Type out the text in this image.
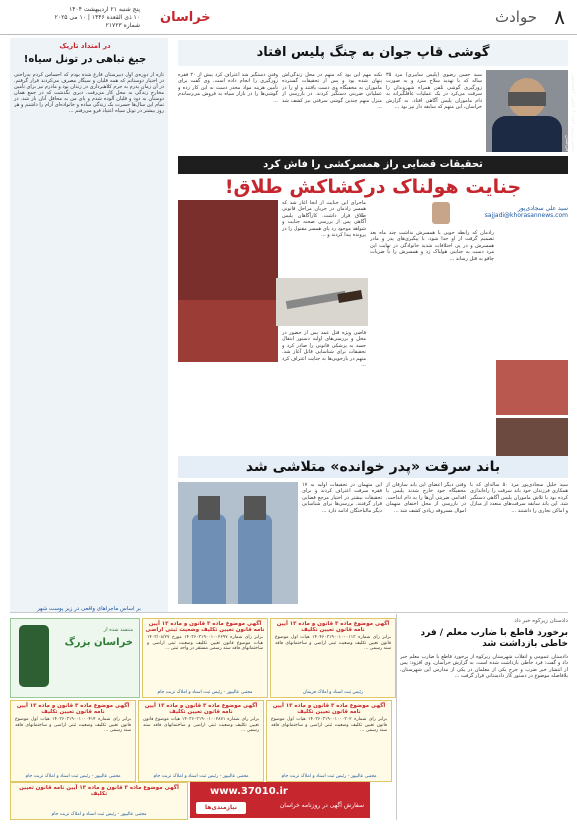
۸
حوادث
خراسان
پنج شنبه ۲۱ اردیبهشت ۱۴۰۴
۱۰ ذی القعده ۱۴۴۶ | ۱۰ می ۲۰۲۵
شماره ۲۱۷۲۳
در امتداد تاریک
جیغ تباهی در تونل سیاه!
تازه از دوره‌ی اول دبیرستان فارغ شده بودم که احساس کردم به‌راحتی در اختیار دوستانم که همه قلیان و سیگار مصرف می‌کردند قرار گرفتم. در آن زمان پدرم به جرم کلاهبرداری در زندان بود و مادرم نیز برای تأمین مخارج زندگی به محل کار می‌رفت. دیری نگذشت که در جمع همان دوستان به دود و قلیان آلوده شدم و پای من به محافل آنان باز شد. در تمام این سال‌ها حسرت یک زندگی ساده و خانواده‌ای آرام را داشتم و هر روز بیشتر در تونل سیاه اعتیاد فرو می‌رفتم ...
بر اساس ماجراهای واقعی در زیر پوست شهر
گوشی قاپ جوان به چنگ پلیس افتاد
عکس تزئینی است / عکس: اختصاصی خراسان
سید حسن رضوی (پلیس سایبری) مرد ۳۵ ساله که با تهدید سلاح سرد و به صورت زورگیری گوشی تلفن همراه شهروندان را سرقت می‌کرد در یک عملیات غافلگیرانه به دام ماموران پلیس آگاهی افتاد. به گزارش خراسان، این متهم که سابقه دار نیز بود ...
نکته مهم این بود که متهم در محل زندگی‌اش پنهان شده بود و پس از تحقیقات گسترده ماموران به مخفیگاه وی دست یافتند و او را در عملیاتی ضربتی دستگیر کردند. در بازرسی از منزل متهم چندین گوشی سرقتی نیز کشف شد ...
وقتی دستگیر شد اعتراف کرد بیش از ۲۰ فقره زورگیری را انجام داده است. وی گفت برای تأمین هزینه مواد مخدر دست به این کار زده و گوشی‌ها را در بازار سیاه به فروش می‌رساندم ...
تحقیقات قضایی راز همسرکشی را فاش کرد
جنایت هولناک درکشاکش طلاق!
سید علی سجادی‌پور
sajjadi@khorasannews.com
رادمان که رابطه خوبی با همسرش نداشت چند ماه بعد تصمیم گرفت از او جدا شود. با پیگیری‌های پدر و مادر همسرش و در پی اختلافات شدید خانوادگی در نهایت این مرد دست به جنایتی هولناک زد و همسرش را با ضربات چاقو به قتل رساند ...
ماجرای این جنایت از آنجا آغاز شد که همسر رادمان در جریان مراحل قانونی طلاق قرار داشت. کارآگاهان پلیس آگاهی پس از بررسی صحنه جنایت و شواهد موجود رد پای همسر مقتول را در پرونده پیدا کردند و ...
قاضی ویژه قتل عمد پس از حضور در محل و بررسی‌های اولیه دستور انتقال جسد به پزشکی قانونی را صادر کرد و تحقیقات برای شناسایی قاتل آغاز شد. متهم در بازجویی‌ها به جنایت اعتراف کرد ...
باند سرقت «پدر خوانده» متلاشی شد
سید خلیل سجادی‌پور مرد ۵۰ ساله‌ای که با همکاری فرزندان خود باند سرقت را راه‌اندازی کرده بود با تلاش ماموران پلیس آگاهی دستگیر شد. این باند سابقه سرقت‌های متعدد از منازل و اماکن تجاری را داشتند ...
وقتی دیگر اعضای این باند سارقان از مخفیگاه خود خارج شدند پلیس با اقدامی ضربتی آن‌ها را به دام انداخت. در بازرسی از محل اختفای متهمان اموال مسروقه زیادی کشف شد ...
این متهمان در تحقیقات اولیه به ۱۷ فقره سرقت اعتراف کردند و برای تحقیقات بیشتر در اختیار مرجع قضایی قرار گرفتند. بررسی‌ها برای شناسایی دیگر مالباختگان ادامه دارد ...
منتشد شده از
خراسان بزرگ
آگهی موضوع ماده ۳ قانون و ماده ۱۳ آیین نامه قانون تعیین تکلیف وضعیت ثبتی اراضی
برابر رای شماره ۱۴۰۳۶۰۳۱۹۰۰۱۰۰۲۶۹۷ مورخ ۱۴۰۳/۰۸/۲۷ هیات موضوع قانون تعیین تکلیف وضعیت ثبتی اراضی و ساختمانهای فاقد سند رسمی مستقر در واحد ثبتی ...
مجتبی عالیپور - رئیس ثبت اسناد و املاک تربت جام
آگهی موضوع ماده ۳ قانون و ماده ۱۳ آیین نامه قانون تعیین تکلیف
برابر رای شماره ۱۴۰۴۶۰۳۱۹۰۰۱۰۰۰۱۱۳ هیات اول موضوع قانون تعیین تکلیف وضعیت ثبتی اراضی و ساختمانهای فاقد سند رسمی ...
رئیس ثبت اسناد و املاک فریمان
آگهی موضوع ماده ۳ قانون و ماده ۱۳ آیین نامه قانون تعیین تکلیف
برابر رای شماره ۱۴۰۳۶۰۳۱۹۰۰۱۰۰۰۴۱۴ هیات اول موضوع قانون تعیین تکلیف وضعیت ثبتی اراضی و ساختمانهای فاقد سند رسمی ...
مجتبی عالیپور - رئیس ثبت اسناد و املاک تربت جام
آگهی موضوع ماده ۳ قانون و ماده ۱۳ آیین نامه قانون تعیین تکلیف
برابر رای شماره ۱۴۰۳۶۰۳۱۹۰۰۱۰۰۲۸۷۱ هیات موضوع قانون تعیین تکلیف وضعیت ثبتی اراضی و ساختمانهای فاقد سند رسمی ...
مجتبی عالیپور - رئیس ثبت اسناد و املاک تربت جام
آگهی موضوع ماده ۳ قانون و ماده ۱۳ آیین نامه قانون تعیین تکلیف
برابر رای شماره ۱۴۰۳۶۰۳۱۹۰۰۱۰۰۰۳۰۲ هیات اول موضوع قانون تعیین تکلیف وضعیت ثبتی اراضی و ساختمانهای فاقد سند رسمی ...
مجتبی عالیپور - رئیس ثبت اسناد و املاک تربت جام
آگهی موضوع ماده ۳ قانون و ماده ۱۳ آیین نامه قانون تعیین تکلیف
مجتبی عالیپور - رئیس ثبت اسناد و املاک تربت جام
www.37010.ir
نیازمندی‌ها	سفارش آگهی در روزنامه خراسان
دادستان زیرکوه خبر داد
برخورد قاطع با ضارب معلم / فرد خاطی بازداشت شد
دادستان عمومی و انقلاب شهرستان زیرکوه از برخورد قاطع با ضارب معلم خبر داد و گفت: فرد خاطی بازداشت شده است. به گزارش خراسان، وی افزود: پس از انتشار خبر ضرب و جرح یکی از معلمان در یکی از مدارس این شهرستان، بلافاصله موضوع در دستور کار دادستانی قرار گرفت ...
